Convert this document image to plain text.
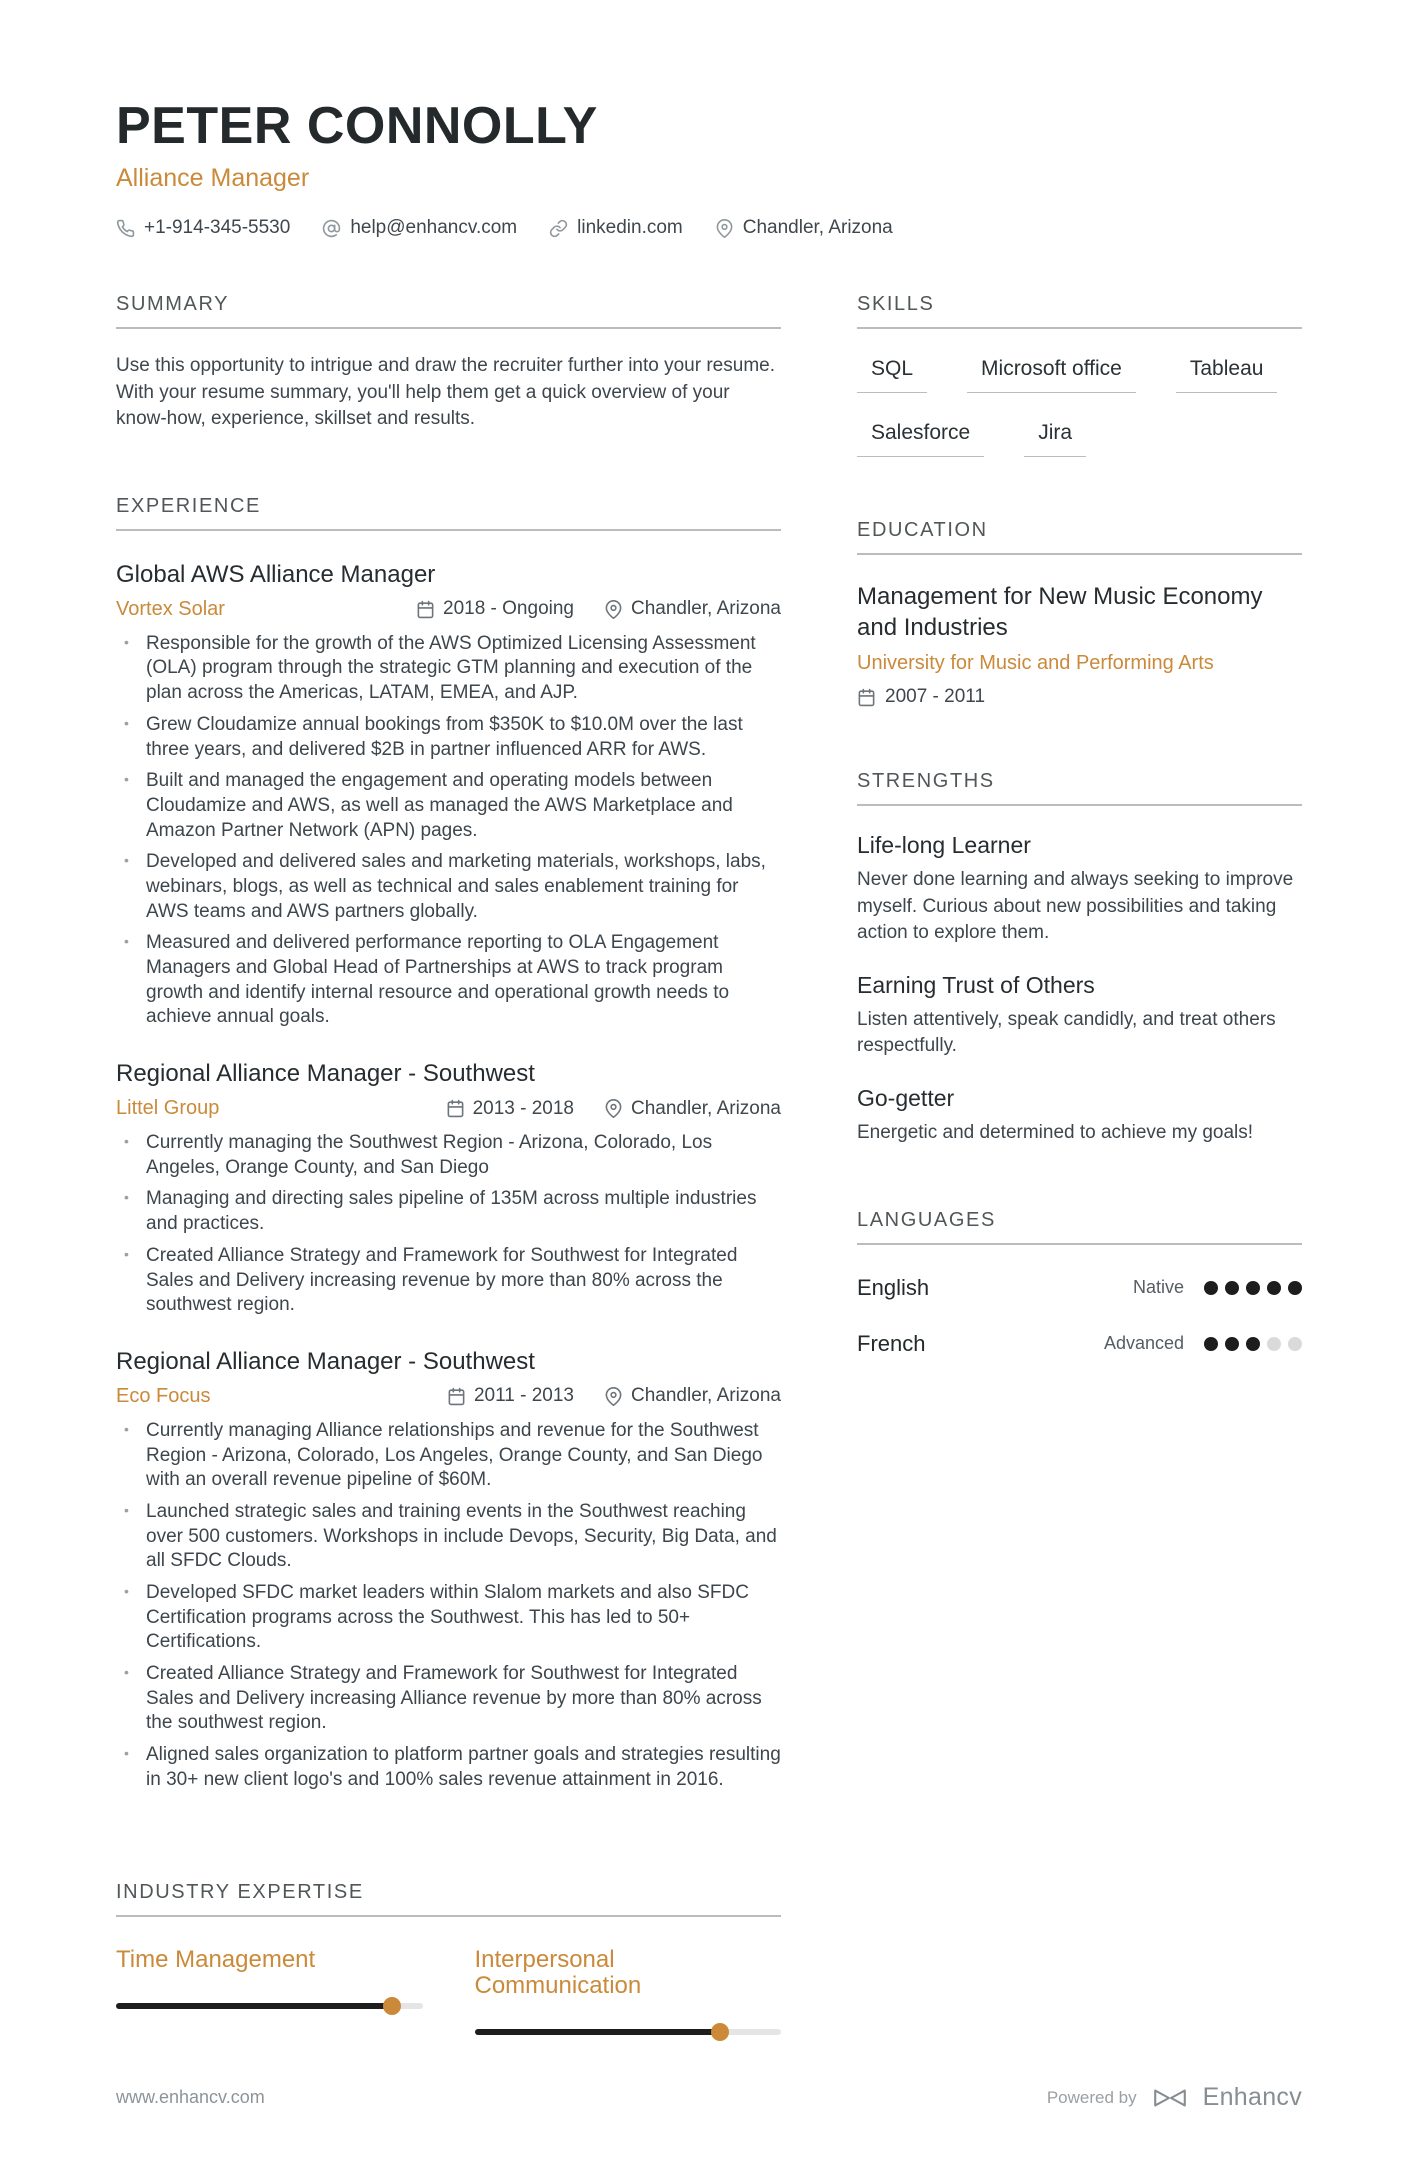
PETER CONNOLLY
Alliance Manager
+1-914-345-5530	help@enhancv.com	linkedin.com	Chandler, Arizona
SUMMARY
Use this opportunity to intrigue and draw the recruiter further into your resume. With your resume summary, you'll help them get a quick overview of your know-how, experience, skillset and results.
EXPERIENCE
Global AWS Alliance Manager
Vortex Solar	2018 - Ongoing	Chandler, Arizona
• Responsible for the growth of the AWS Optimized Licensing Assessment (OLA) program through the strategic GTM planning and execution of the plan across the Americas, LATAM, EMEA, and AJP.
• Grew Cloudamize annual bookings from $350K to $10.0M over the last three years, and delivered $2B in partner influenced ARR for AWS.
• Built and managed the engagement and operating models between Cloudamize and AWS, as well as managed the AWS Marketplace and Amazon Partner Network (APN) pages.
• Developed and delivered sales and marketing materials, workshops, labs, webinars, blogs, as well as technical and sales enablement training for AWS teams and AWS partners globally.
• Measured and delivered performance reporting to OLA Engagement Managers and Global Head of Partnerships at AWS to track program growth and identify internal resource and operational growth needs to achieve annual goals.
Regional Alliance Manager - Southwest
Littel Group	2013 - 2018	Chandler, Arizona
• Currently managing the Southwest Region - Arizona, Colorado, Los Angeles, Orange County, and San Diego
• Managing and directing sales pipeline of 135M across multiple industries and practices.
• Created Alliance Strategy and Framework for Southwest for Integrated Sales and Delivery increasing revenue by more than 80% across the southwest region.
Regional Alliance Manager - Southwest
Eco Focus	2011 - 2013	Chandler, Arizona
• Currently managing Alliance relationships and revenue for the Southwest Region - Arizona, Colorado, Los Angeles, Orange County, and San Diego with an overall revenue pipeline of $60M.
• Launched strategic sales and training events in the Southwest reaching over 500 customers. Workshops in include Devops, Security, Big Data, and all SFDC Clouds.
• Developed SFDC market leaders within Slalom markets and also SFDC Certification programs across the Southwest. This has led to 50+ Certifications.
• Created Alliance Strategy and Framework for Southwest for Integrated Sales and Delivery increasing Alliance revenue by more than 80% across the southwest region.
• Aligned sales organization to platform partner goals and strategies resulting in 30+ new client logo's and 100% sales revenue attainment in 2016.
INDUSTRY EXPERTISE
Time Management	Interpersonal Communication
SKILLS
SQL	Microsoft office	Tableau
Salesforce	Jira
EDUCATION
Management for New Music Economy and Industries
University for Music and Performing Arts
2007 - 2011
STRENGTHS
Life-long Learner
Never done learning and always seeking to improve myself. Curious about new possibilities and taking action to explore them.
Earning Trust of Others
Listen attentively, speak candidly, and treat others respectfully.
Go-getter
Energetic and determined to achieve my goals!
LANGUAGES
English	Native
French	Advanced
www.enhancv.com	Powered by	Enhancv
